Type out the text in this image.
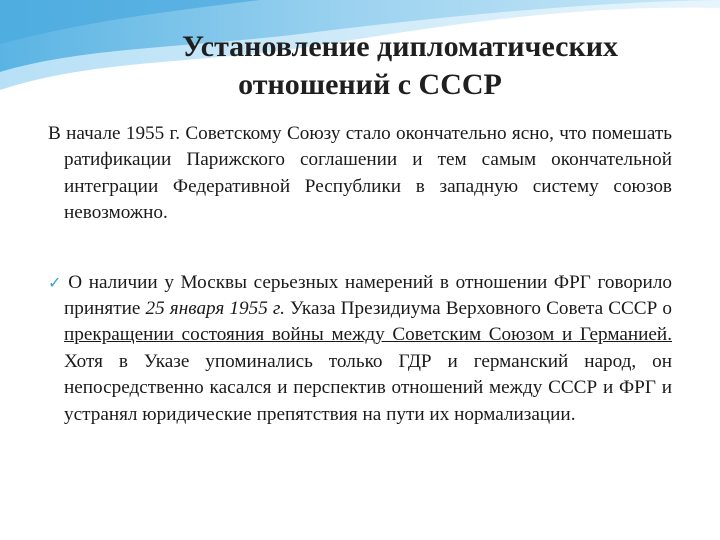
Установление дипломатических
отношений с СССР

В начале 1955 г. Советскому Союзу стало окончательно ясно, что помешать ратификации Парижского соглашении и тем самым окончательной интеграции Федеративной Республики в западную систему союзов невозможно.

✓ О наличии у Москвы серьезных намерений в отношении ФРГ говорило принятие 25 января 1955 г. Указа Президиума Верховного Совета СССР о прекращении состояния войны между Советским Союзом и Германией. Хотя в Указе упоминались только ГДР и германский народ, он непосредственно касался и перспектив отношений между СССР и ФРГ и устранял юридические препятствия на пути их нормализации.
